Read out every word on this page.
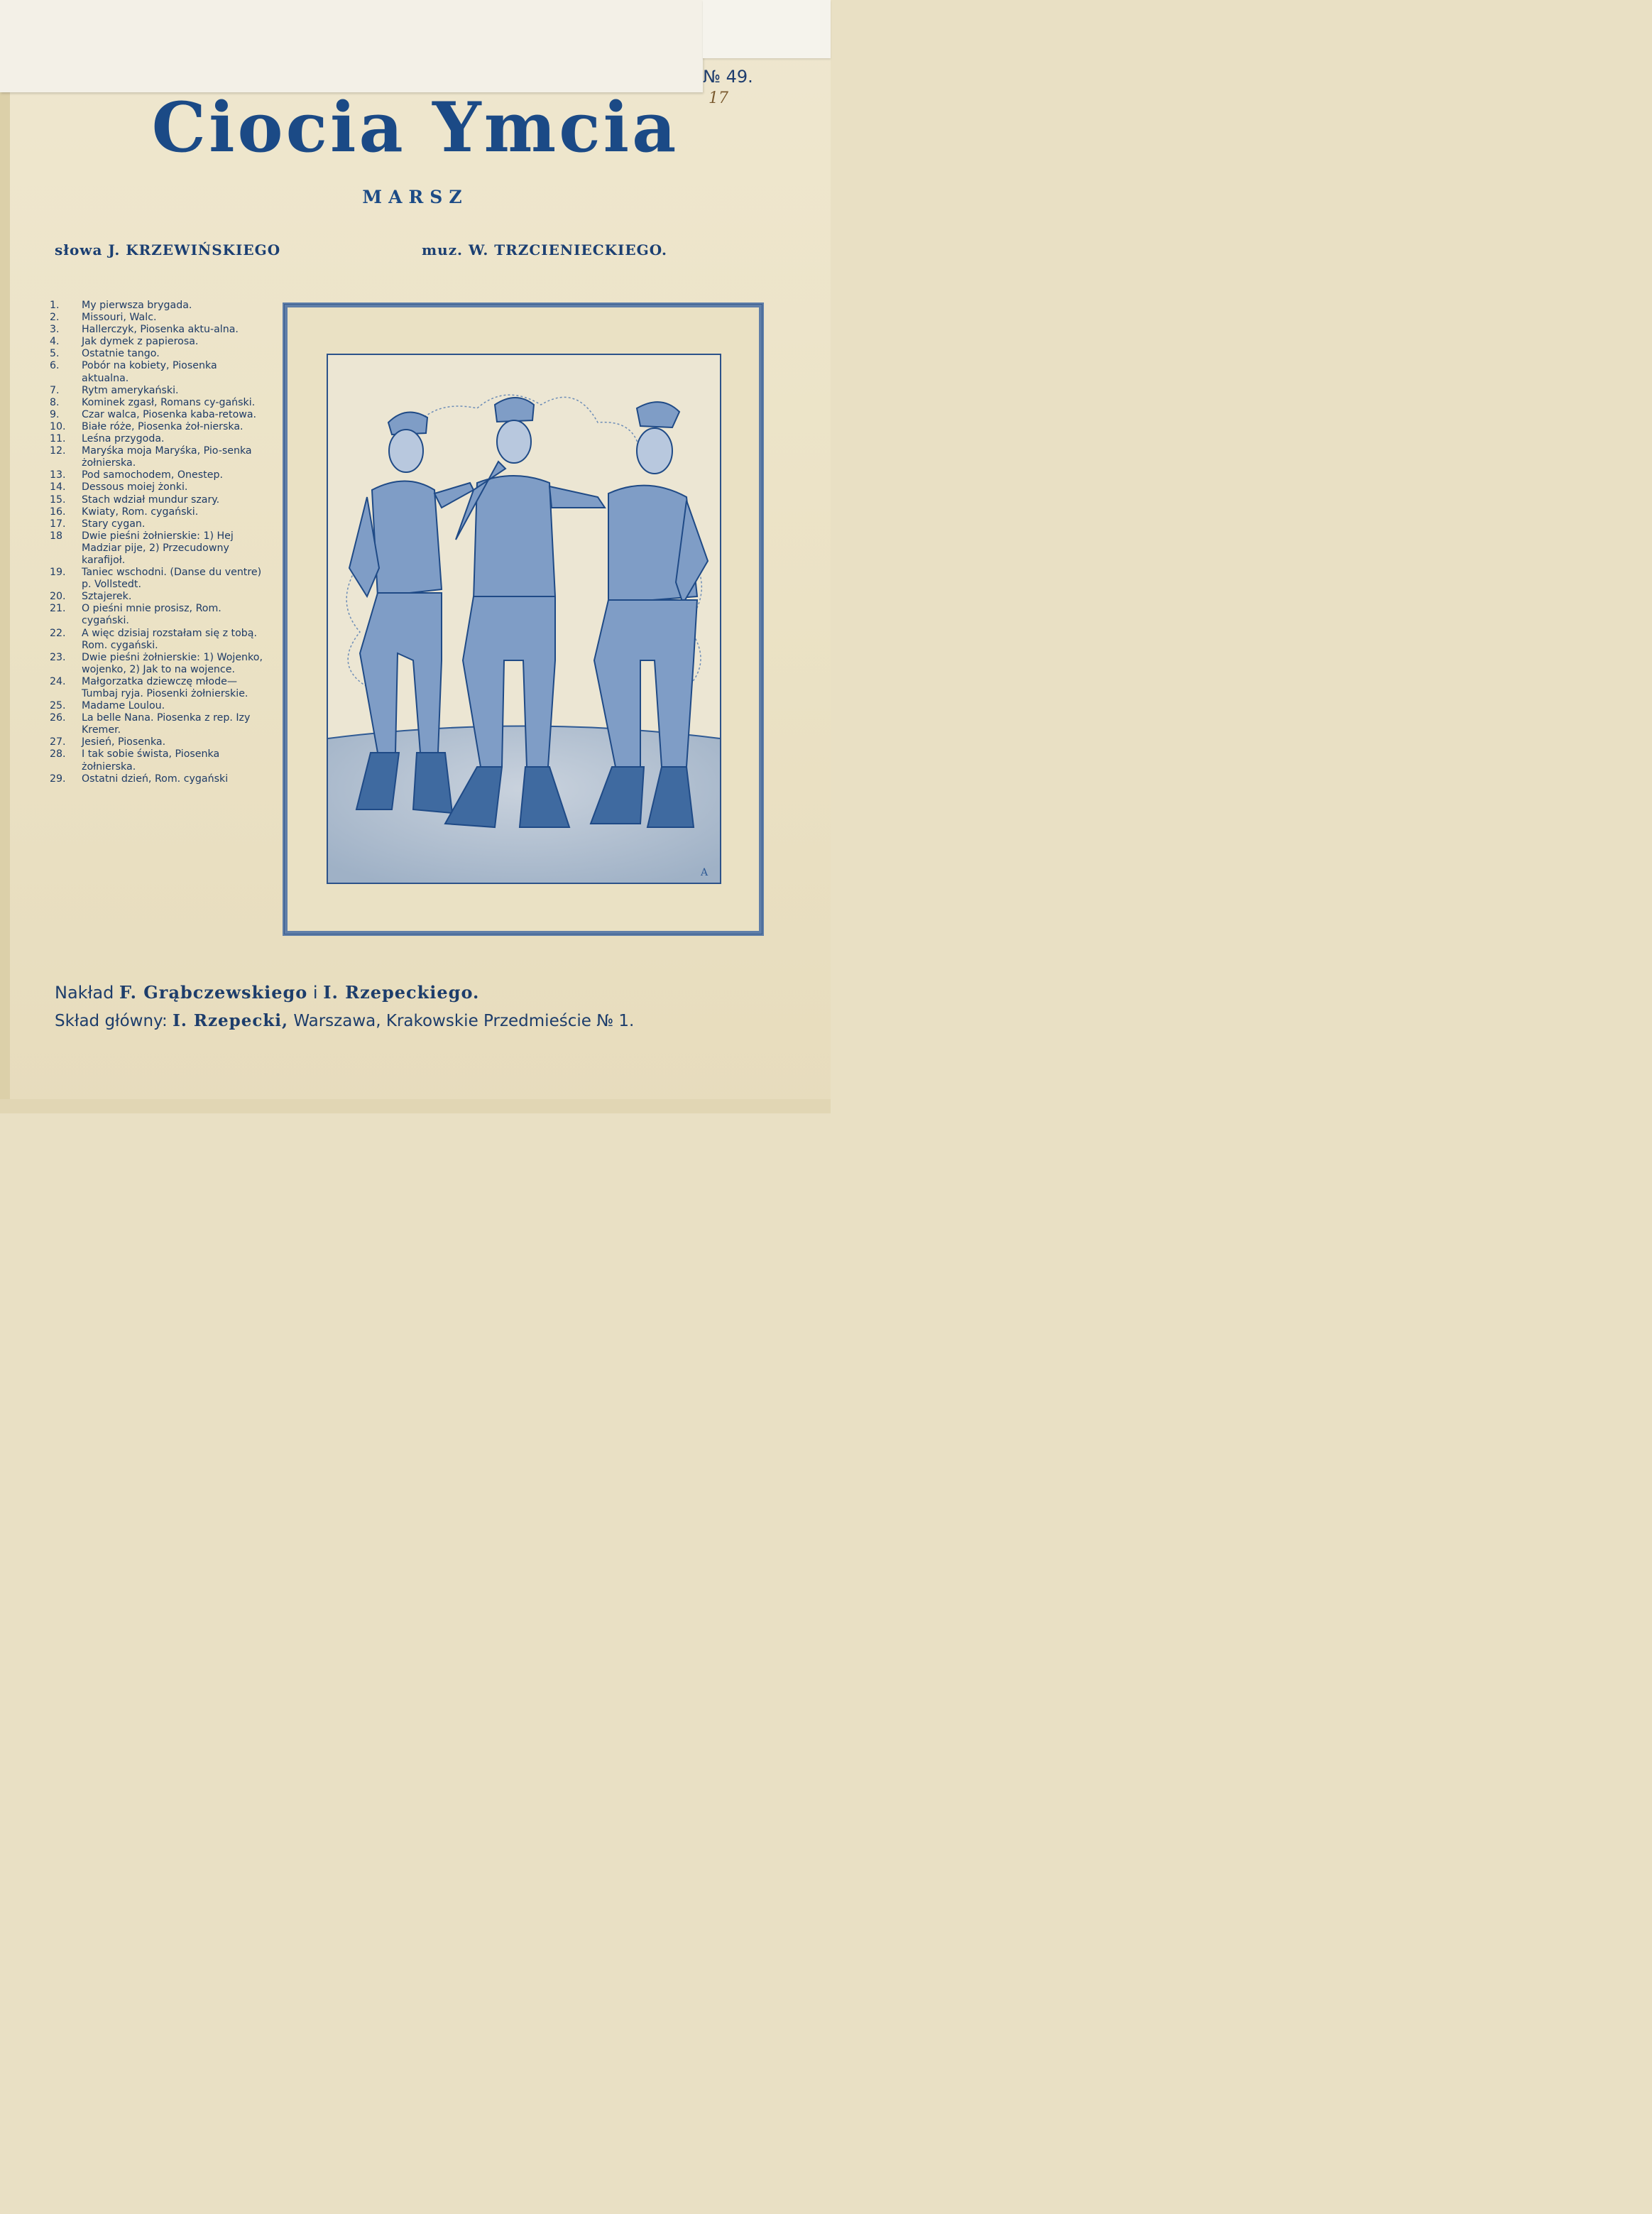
№ 49.
17
Ciocia Ymcia
MARSZ
słowa J. KRZEWIŃSKIEGO	muz. W. TRZCIENIECKIEGO.
1.	My pierwsza brygada.
2.	Missouri, Walc.
3.	Hallerczyk, Piosenka aktu-alna.
4.	Jak dymek z papierosa.
5.	Ostatnie tango.
6.	Pobór na kobiety, Piosenka aktualna.
7.	Rytm amerykański.
8.	Kominek zgasł, Romans cy-gański.
9.	Czar walca, Piosenka kaba-retowa.
10.	Białe róże, Piosenka żoł-nierska.
11.	Leśna przygoda.
12.	Maryśka moja Maryśka, Pio-senka żołnierska.
13.	Pod samochodem, Onestep.
14.	Dessous moiej żonki.
15.	Stach wdział mundur szary.
16.	Kwiaty, Rom. cygański.
17.	Stary cygan.
18	Dwie pieśni żołnierskie: 1) Hej Madziar pije, 2) Przecudowny karafijoł.
19.	Taniec wschodni. (Danse du ventre) p. Vollstedt.
20.	Sztajerek.
21.	O pieśni mnie prosisz, Rom. cygański.
22.	A więc dzisiaj rozstałam się z tobą. Rom. cygański.
23.	Dwie pieśni żołnierskie: 1) Wojenko, wojenko, 2) Jak to na wojence.
24.	Małgorzatka dziewczę młode—Tumbaj ryja. Piosenki żołnierskie.
25.	Madame Loulou.
26.	La belle Nana. Piosenka z rep. Izy Kremer.
27.	Jesień, Piosenka.
28.	I tak sobie śwista, Piosenka żołnierska.
29.	Ostatni dzień, Rom. cygański
A
Nakład F. Grąbczewskiego i I. Rzepeckiego.
Skład główny: I. Rzepecki, Warszawa, Krakowskie Przedmieście № 1.
